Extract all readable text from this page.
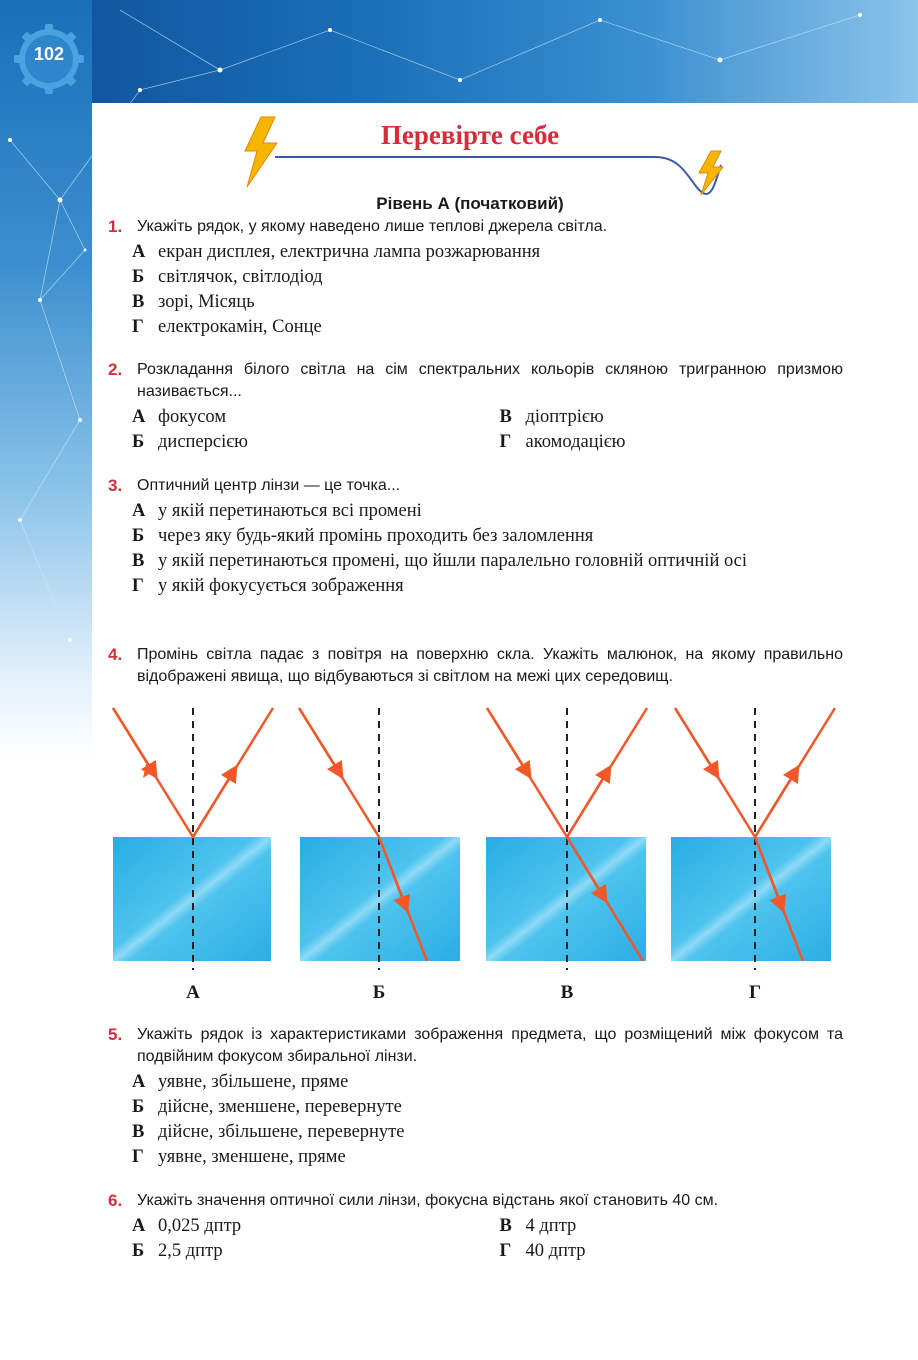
102
Перевірте себе
Рівень А (початковий)
1. Укажіть рядок, у якому наведено лише теплові джерела світла.
А екран дисплея, електрична лампа розжарювання
Б світлячок, світлодіод
В зорі, Місяць
Г електрокамін, Сонце
2. Розкладання білого світла на сім спектральних кольорів скляною тригранною призмою називається...
А фокусом
Б дисперсією
В діоптрією
Г акомодацією
3. Оптичний центр лінзи — це точка...
А у якій перетинаються всі промені
Б через яку будь-який промінь проходить без заломлення
В у якій перетинаються промені, що йшли паралельно головній оптичній осі
Г у якій фокусується зображення
4. Промінь світла падає з повітря на поверхню скла. Укажіть малюнок, на якому правильно відображені явища, що відбуваються зі світлом на межі цих середовищ.
А	Б	В	Г
5. Укажіть рядок із характеристиками зображення предмета, що розміщений між фокусом та подвійним фокусом збиральної лінзи.
А уявне, збільшене, пряме
Б дійсне, зменшене, перевернуте
В дійсне, збільшене, перевернуте
Г уявне, зменшене, пряме
6. Укажіть значення оптичної сили лінзи, фокусна відстань якої становить 40 см.
А 0,025 дптр
Б 2,5 дптр
В 4 дптр
Г 40 дптр
